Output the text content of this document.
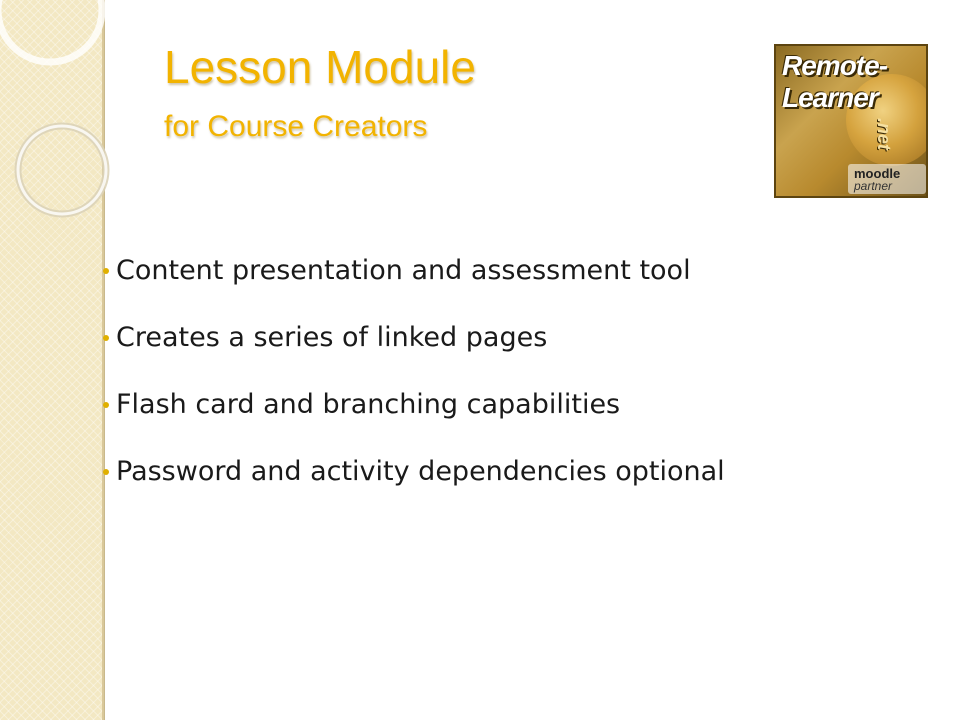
Lesson Module
for Course Creators

Remote-

Learner

.net

moodle

partner

Content presentation and assessment tool
Creates a series of linked pages
Flash card and branching capabilities
Password and activity dependencies optional
